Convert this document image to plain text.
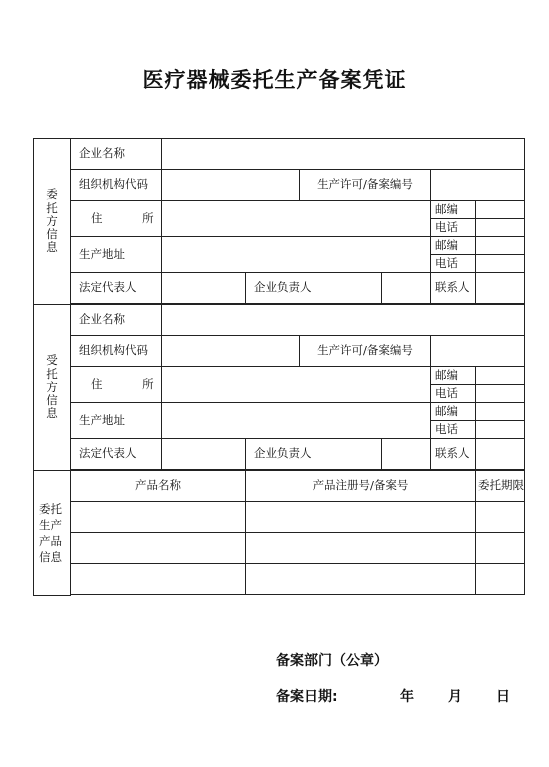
医疗器械委托生产备案凭证
委托方信息	企业名称						
	组织机构代码			生产许可/备案编号			
	住 所					邮编	
						电话	
	生产地址					邮编	
						电话	
	法定代表人		企业负责人			联系人	

受托方信息	企业名称						
	组织机构代码			生产许可/备案编号			
	住 所					邮编	
						电话	
	生产地址					邮编	
						电话	
	法定代表人		企业负责人			联系人	

委托生产产品信息	产品名称		产品注册号/备案号				委托期限

备案部门（公章）
备案日期:	年 月 日
